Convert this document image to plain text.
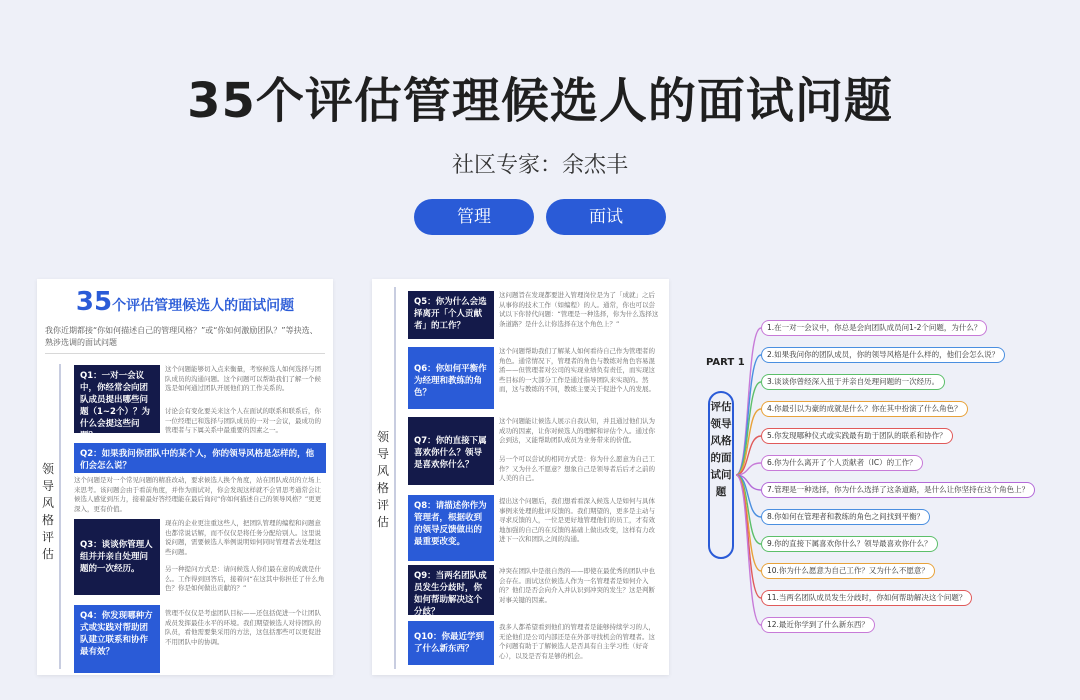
35个评估管理候选人的面试问题
社区专家：余杰丰
管理	面试
35个评估管理候选人的面试问题
我你近期都接“你如何描述自己的管理风格？”或“你如何激励团队？”等抉选、熟涉选调的面试问题
领导风格评估
Q1：一对一会议中，你经常会向团队成员提出哪些问题（1~2个）？为什么会提这些问题？
这个问题能够切入点来衡量，考察候选人如何选择与团队成员的沟通问题。这个问题可以帮助我们了解一个候选是如何通过团队开展他们的工作关系的。
讨论会有变化要关来这个人在面试的联系和联系后，你一位经理已和选择与团队成员的一对一会议，最成功的管理者与下属关系中最重要的因素之一。
Q2：如果我问你团队中的某个人，你的领导风格是怎样的，他们会怎么说？
这个问题是对一个常见问题的精准改动，要求候选人换个角度，站在团队成员的立场上来思考。该问题会由于看前角度，并作为面试对，你会发现这样就不会冒思考通常会让候选人感觉到压力，接着最好答经理能在最后询问“你如何描述自己的领导风格？”更更深入，更有价值。
Q3：谈谈你管理人组并并亲自处理问题的一次经历。
现在的企业更注重这些人，把团队管理的编程和问题意也都常说话解，而不仅仅是将任务分配给别人。这里说说问题，需要候选人举例说明如何同时管理者去处理这些问题。
另一种提问方式是：请问候选人你们最在意的成就是什么。工作得到回答后，接着问“在这其中你担任了什么角色？你是如何做出贡献的？”
Q4：你发现哪种方式或实践对帮助团队建立联系和协作最有效？
管理不仅仅是考虑团队目标——还包括促进一个让团队成员发挥最佳水平的环境。我们期望候选人对待团队的队员，看他需要集采用的方法，这包括那些可以更促进不用团队中的协调。
领导风格评估
Q5：你为什么会选择离开「个人贡献者」的工作？
这问题旨在发现都要进入管理岗位是为了「成就」之后从事你的技术工作（如编程）的人。通常，你也可以尝试以下你替代问题：“管理是一种选择，你为什么选择这条道路？是什么让你选择在这个角色上？”
Q6：你如何平衡作为经理和教练的角色？
这个问题帮助我们了解某人如何看待自己作为管理者的角色。通常情况下，管理者的角色与教练对角色容易混淆——但管理者对公司的实现业绩负有责任，而实现这些目标的一大部分工作是通过指导团队来实现的。然而，这与教练的不同，教练主要关于促进个人的发展。
Q7：你的直接下属喜欢你什么？领导是喜欢你什么？
这个问题能让候选人展示自我认知，并且通过他们认为成功的因素，让你对候选人的理解和评估个人。通过你会到达，又能帮助团队成员为业务带来的价值。
另一个可以尝试的相同方式是：你为什么愿意为自己工作？又为什么不愿意？想象自己是领导者后后才之前的人美的自己。
Q8：请描述你作为管理者，根据收到的领导反馈做出的最重要改变。
提出这个问题后，我们想看看深入候选人是如何与具体事例来处理的批评反馈的。我们期望的，更多是主动与寻求反馈的人，一位是更好地管理他们的员工，才有效地加强的自己的在反馈的基础上做出改变，这样有力改进下一次和团队之间的沟通。
Q9：当两名团队成员发生分歧时，你如何帮助解决这个分歧？
冲突在团队中是很自然的——即使在最优秀的团队中也会存在。面试这位候选人作为一名管理者是如何介入的？他们是否会向介入并认识到冲突的发生？这是判断对事关键的因素。
Q10：你最近学到了什么新东西？
我多人都希望看到他们的管理者是能够持续学习的人，无论他们是公司内部还是在外部寻找机会的管理者。这个问题有助于了解候选人是否具有自主学习性（好奇心），以及是否有足够的机会。
PART 1
评估领导风格的面试问题
1.在一对一会议中，你总是会向团队成员问1-2个问题，为什么？
2.如果我问你的团队成员，你的领导风格是什么样的，他们会怎么说？
3.谈谈你曾经深入扭于并亲自处理问题的一次经历。
4.你最引以为豪的成就是什么？你在其中扮演了什么角色？
5.你发现哪种仪式或实践最有助于团队的联系和协作？
6.你为什么离开了个人贡献者（IC）的工作？
7.管理是一种选择，你为什么选择了这条道路，是什么让你坚持在这个角色上？
8.你如何在管理者和教练的角色之间找到平衡？
9.你的直接下属喜欢你什么？领导最喜欢你什么？
10.你为什么愿意为自己工作？又为什么不愿意？
11.当两名团队成员发生分歧时，你如何帮助解决这个问题？
12.最近你学到了什么新东西？
